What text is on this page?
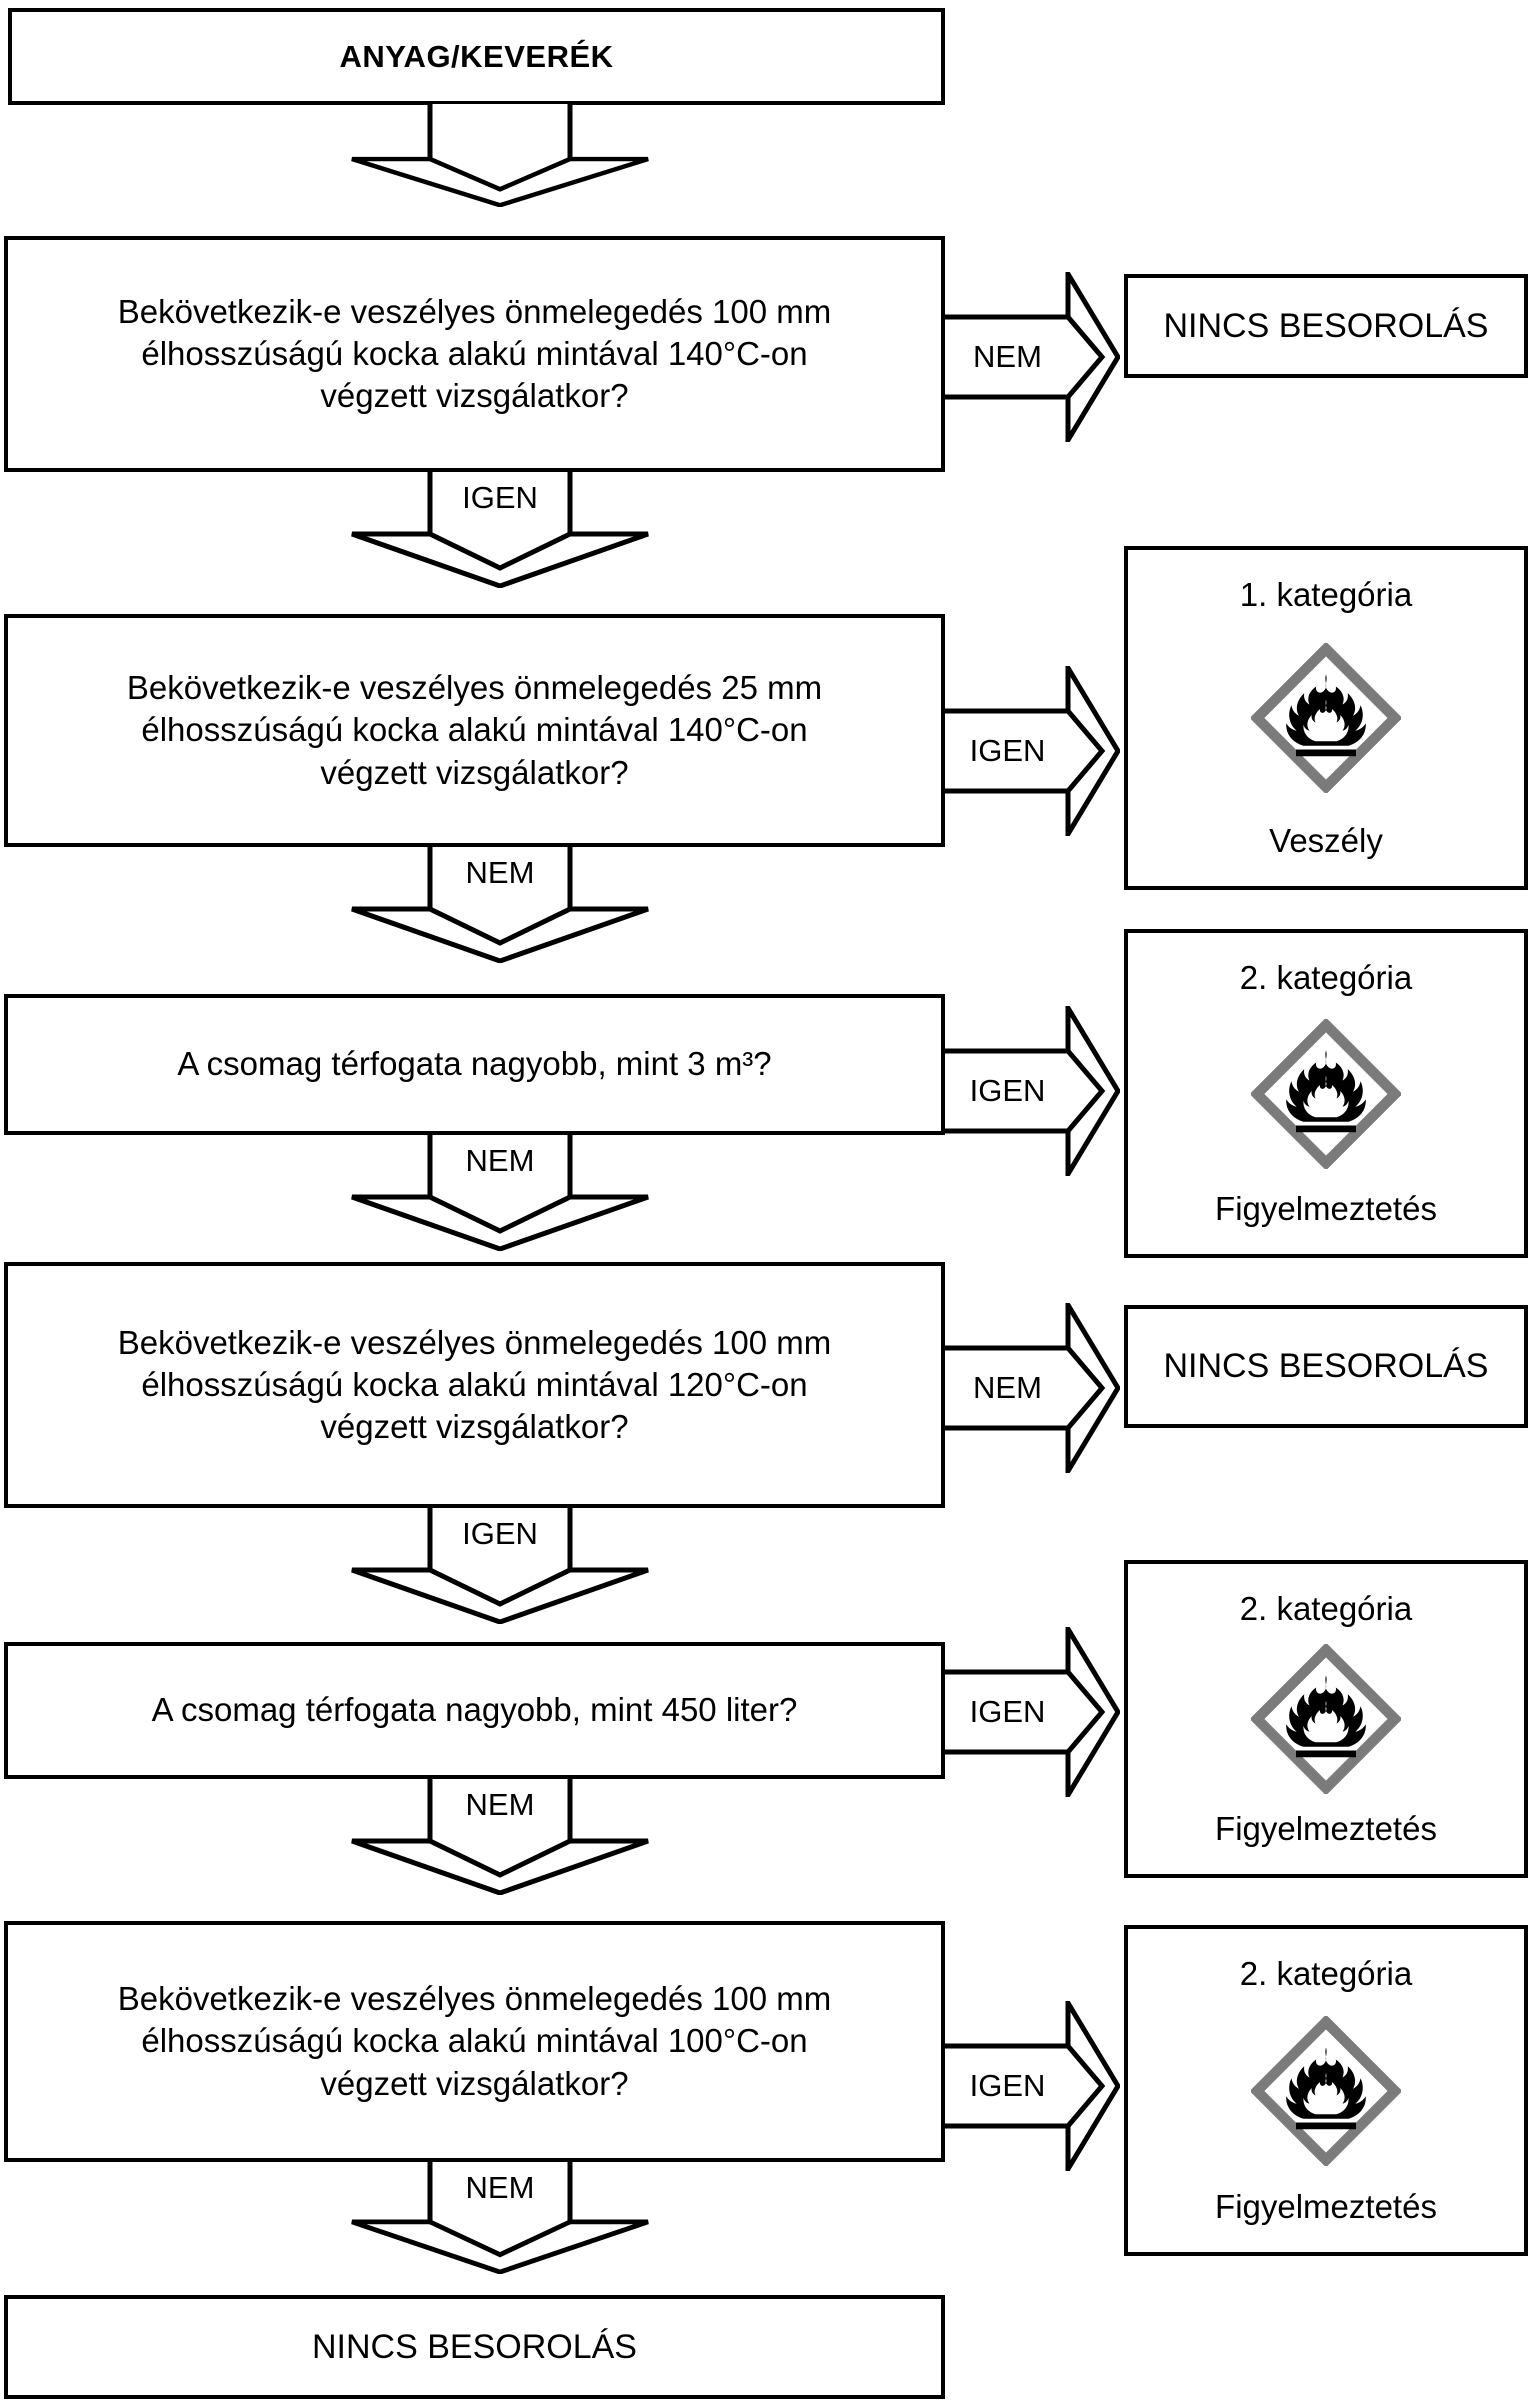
ANYAG/KEVERÉK
Bekövetkezik-e veszélyes önmelegedés 100 mm
élhosszúságú kocka alakú mintával 140°C-on
végzett vizsgálatkor?
NEM
NINCS BESOROLÁS
IGEN
Bekövetkezik-e veszélyes önmelegedés 25 mm
élhosszúságú kocka alakú mintával 140°C-on
végzett vizsgálatkor?
IGEN
1. kategória
Veszély
NEM
A csomag térfogata nagyobb, mint 3 m³?
IGEN
2. kategória
Figyelmeztetés
NEM
Bekövetkezik-e veszélyes önmelegedés 100 mm
élhosszúságú kocka alakú mintával 120°C-on
végzett vizsgálatkor?
NEM
NINCS BESOROLÁS
IGEN
A csomag térfogata nagyobb, mint 450 liter?	IGEN
2. kategória
Figyelmeztetés
NEM
Bekövetkezik-e veszélyes önmelegedés 100 mm
élhosszúságú kocka alakú mintával 100°C-on
végzett vizsgálatkor?	IGEN
2. kategória
Figyelmeztetés
NEM
NINCS BESOROLÁS
